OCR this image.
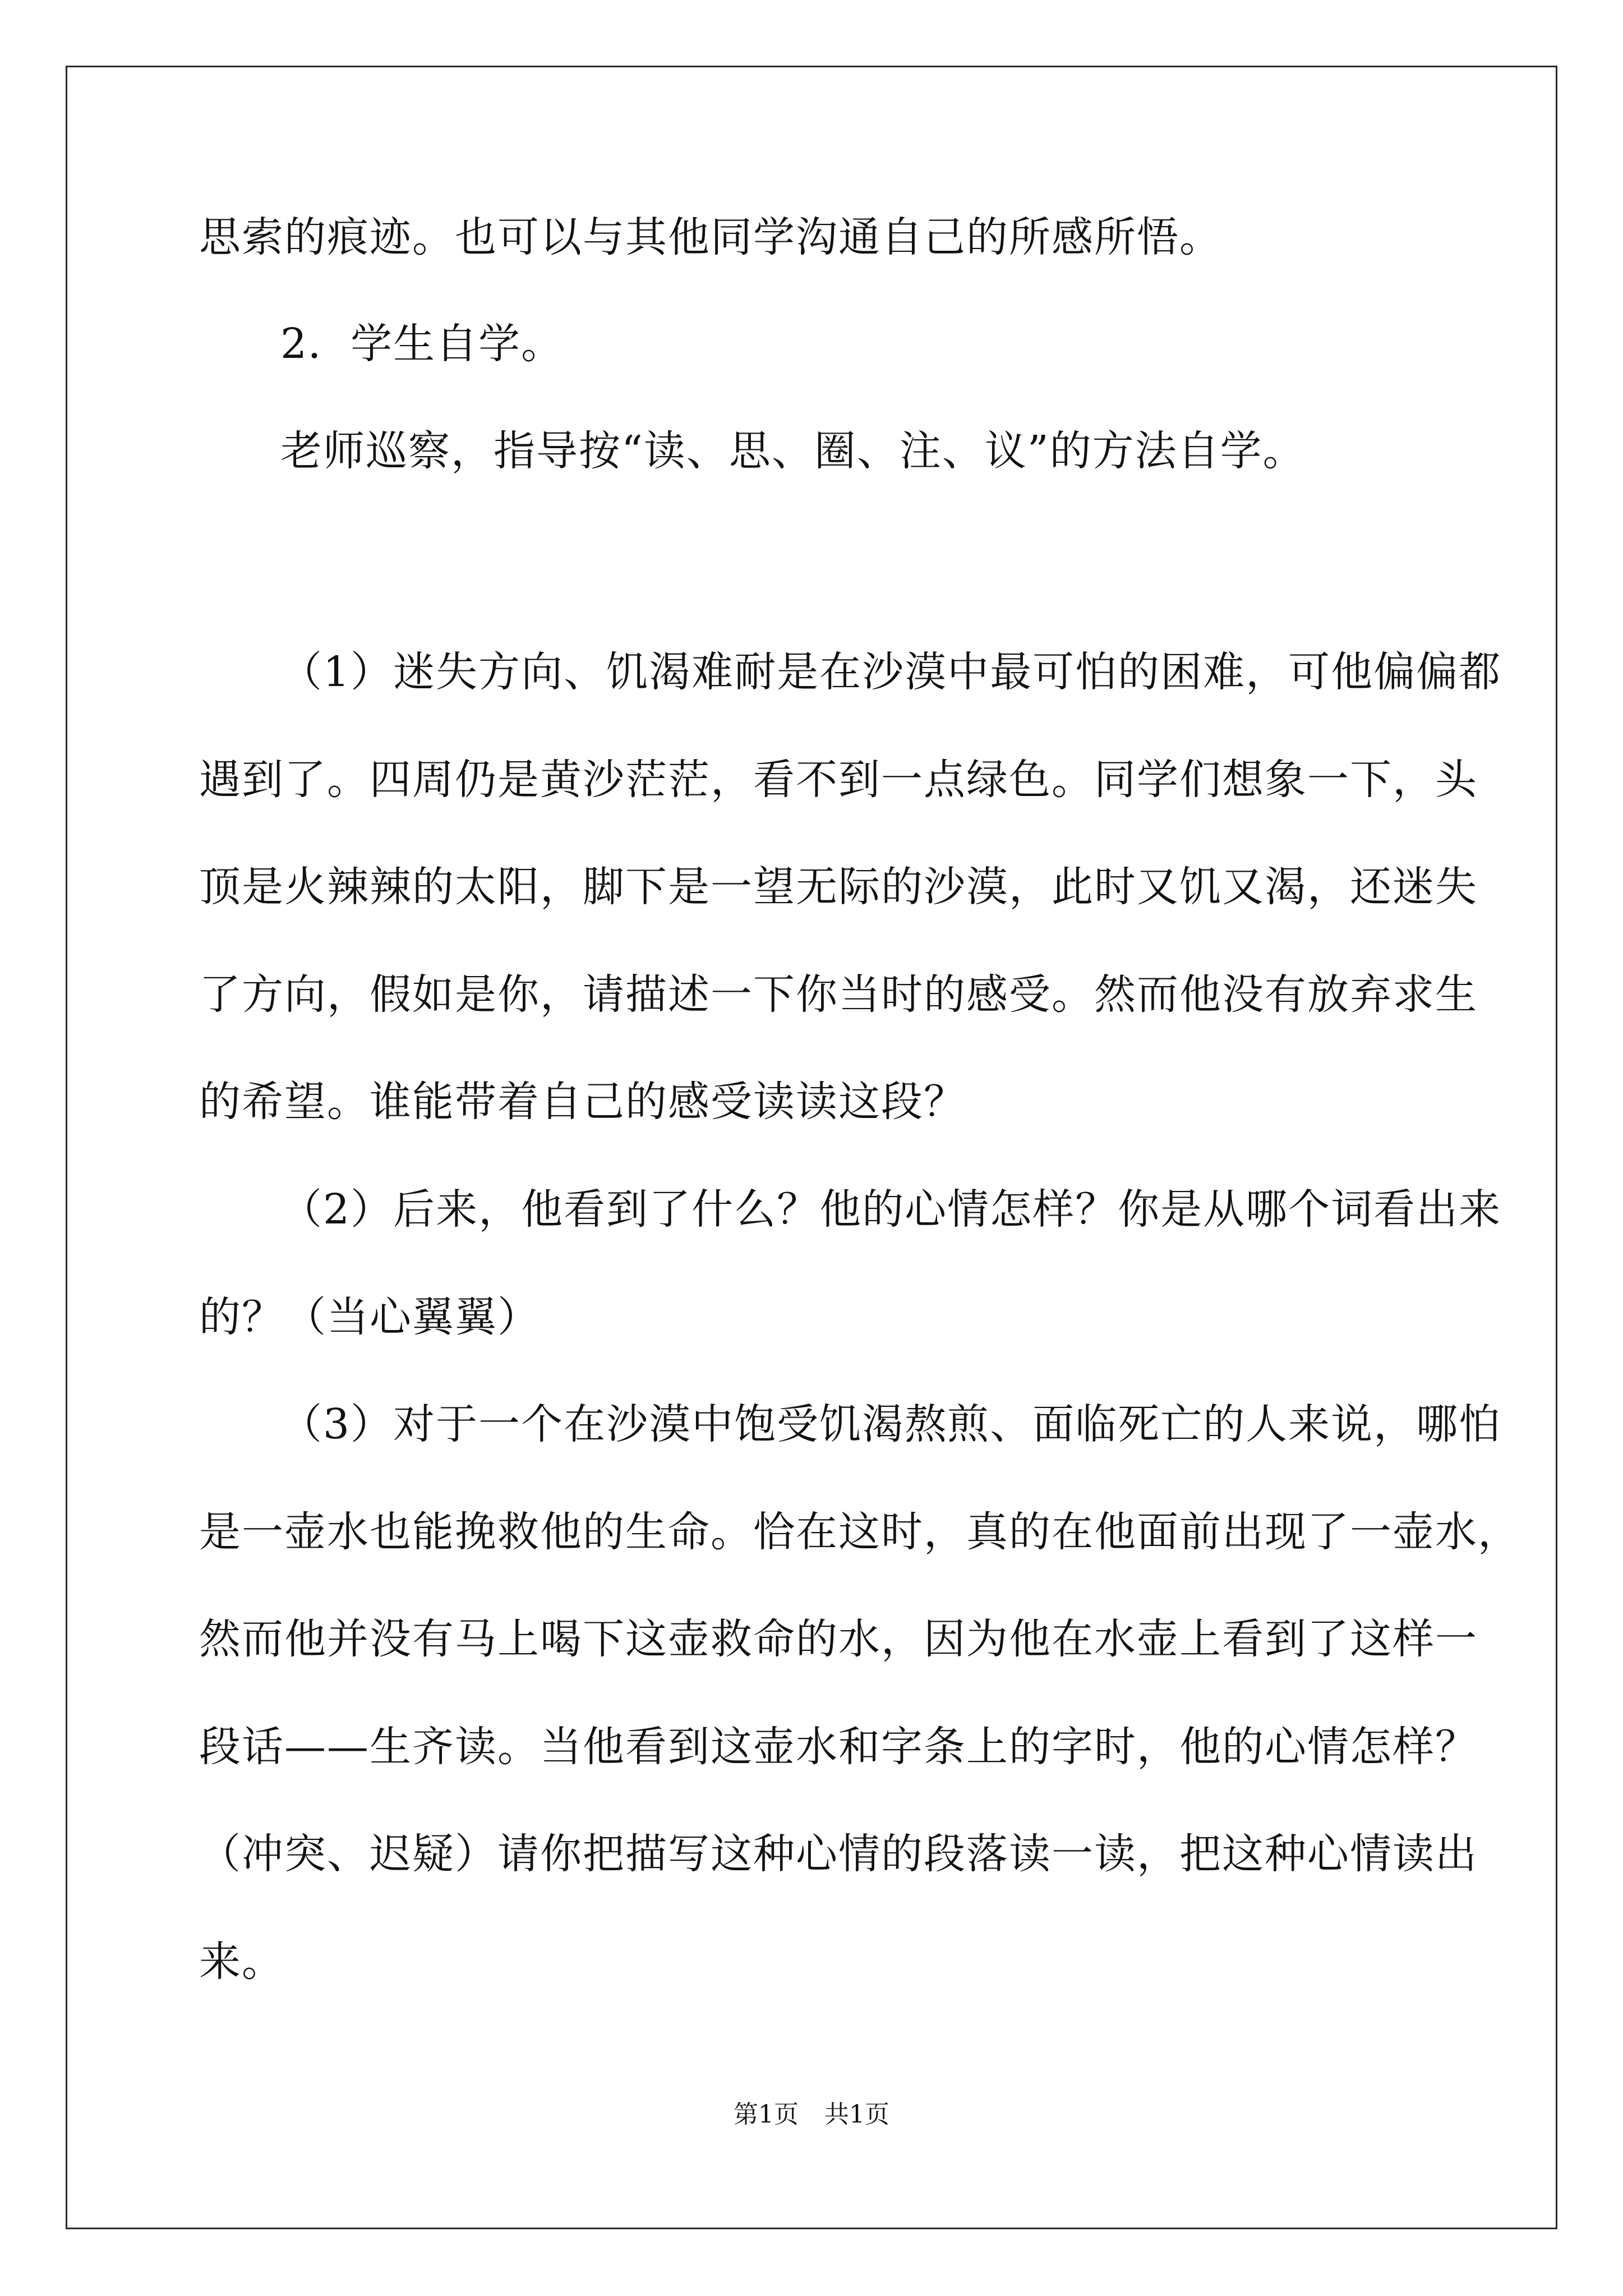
思索的痕迹。也可以与其他同学沟通自己的所感所悟。
2．学生自学。
老师巡察，指导按“读、思、圈、注、议”的方法自学。
（1）迷失方向、饥渴难耐是在沙漠中最可怕的困难，可他偏偏都
遇到了。四周仍是黄沙茫茫，看不到一点绿色。同学们想象一下，头
顶是火辣辣的太阳，脚下是一望无际的沙漠，此时又饥又渴，还迷失
了方向，假如是你，请描述一下你当时的感受。然而他没有放弃求生
的希望。谁能带着自己的感受读读这段？
（2）后来，他看到了什么？他的心情怎样？你是从哪个词看出来
的？（当心翼翼）
（3）对于一个在沙漠中饱受饥渴熬煎、面临死亡的人来说，哪怕
是一壶水也能挽救他的生命。恰在这时，真的在他面前出现了一壶水，
然而他并没有马上喝下这壶救命的水，因为他在水壶上看到了这样一
段话——生齐读。当他看到这壶水和字条上的字时，他的心情怎样？
（冲突、迟疑）请你把描写这种心情的段落读一读，把这种心情读出
来。
第1页 共1页
